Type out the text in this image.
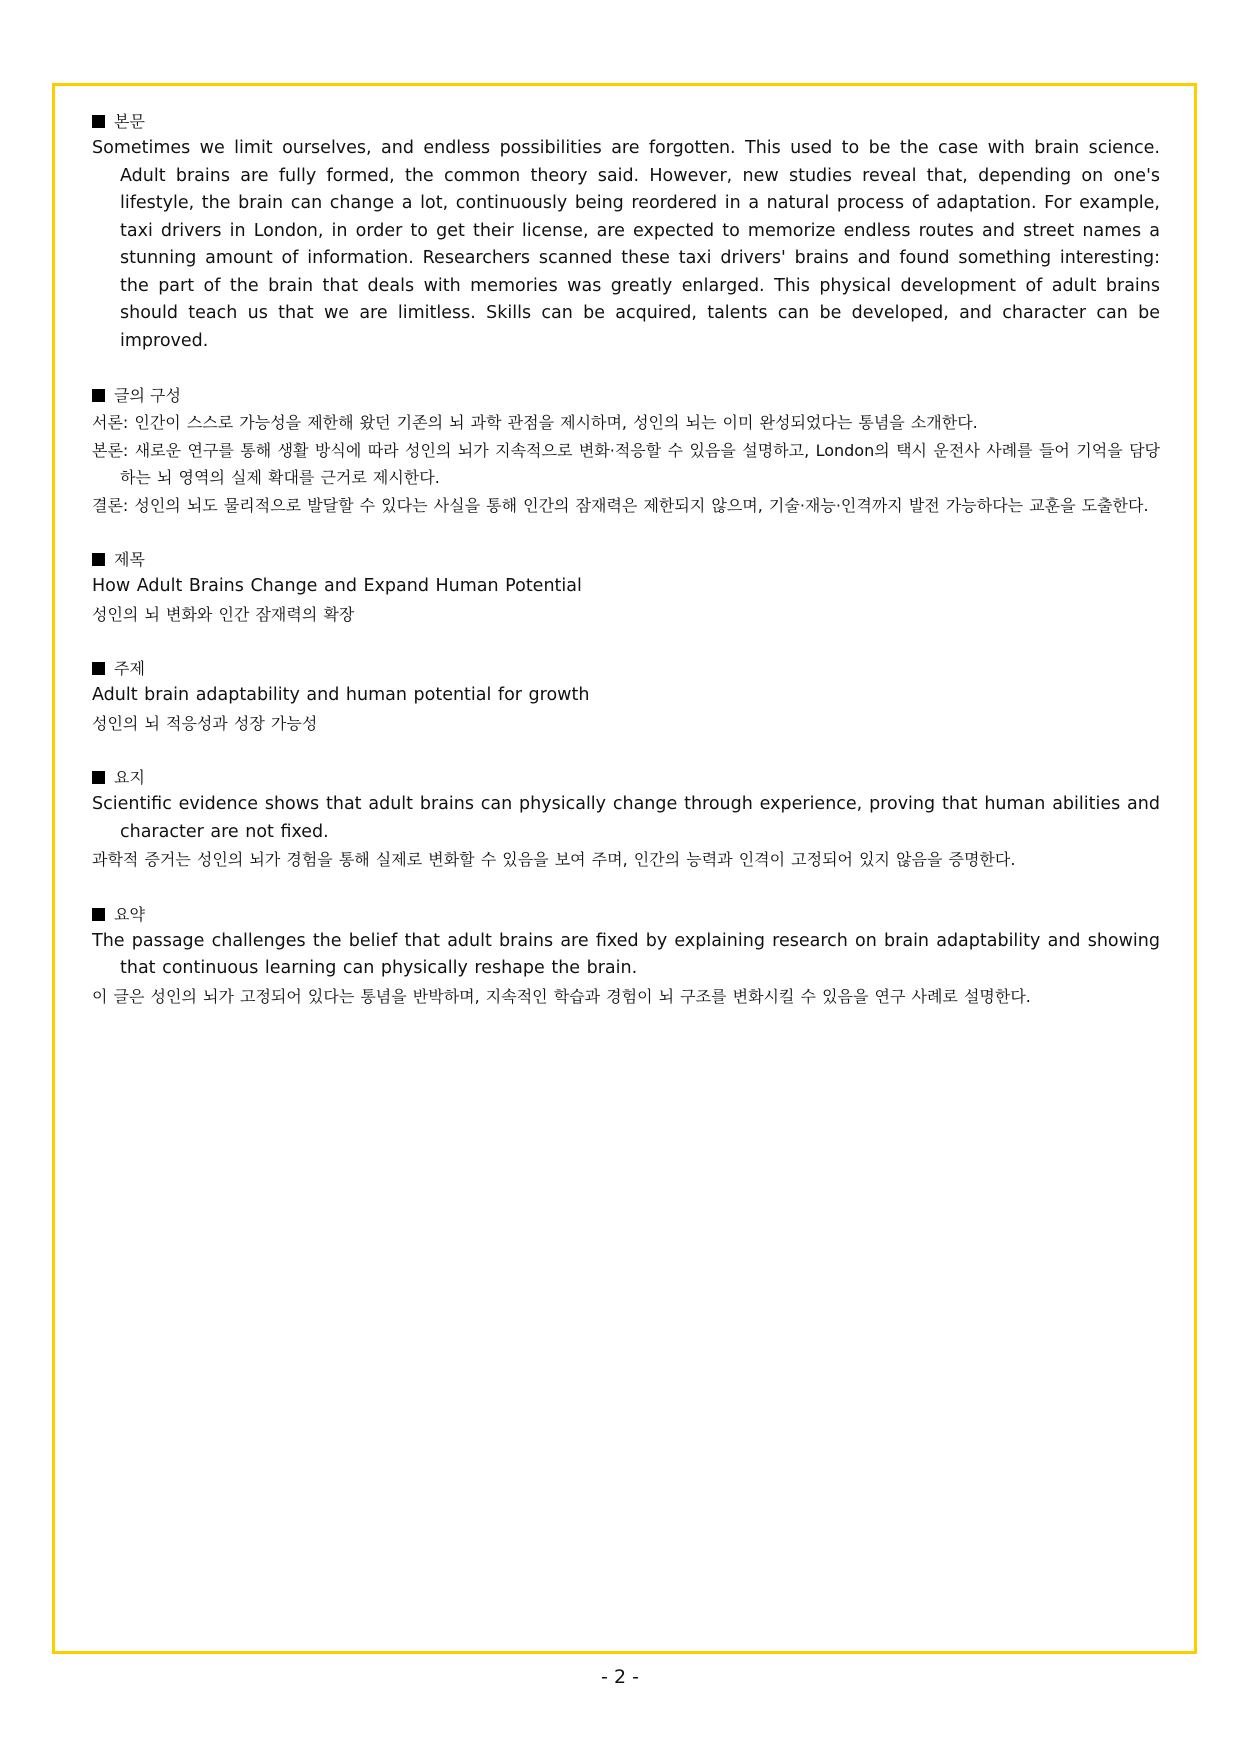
본문
Sometimes we limit ourselves, and endless possibilities are forgotten. This used to be the case with brain science. Adult brains are fully formed, the common theory said. However, new studies reveal that, depending on one's lifestyle, the brain can change a lot, continuously being reordered in a natural process of adaptation. For example, taxi drivers in London, in order to get their license, are expected to memorize endless routes and street names a stunning amount of information. Researchers scanned these taxi drivers' brains and found something interesting: the part of the brain that deals with memories was greatly enlarged. This physical development of adult brains should teach us that we are limitless. Skills can be acquired, talents can be developed, and character can be improved.
글의 구성
서론: 인간이 스스로 가능성을 제한해 왔던 기존의 뇌 과학 관점을 제시하며, 성인의 뇌는 이미 완성되었다는 통념을 소개한다.
본론: 새로운 연구를 통해 생활 방식에 따라 성인의 뇌가 지속적으로 변화·적응할 수 있음을 설명하고, London의 택시 운전사 사례를 들어 기억을 담당하는 뇌 영역의 실제 확대를 근거로 제시한다.
결론: 성인의 뇌도 물리적으로 발달할 수 있다는 사실을 통해 인간의 잠재력은 제한되지 않으며, 기술·재능·인격까지 발전 가능하다는 교훈을 도출한다.
제목
How Adult Brains Change and Expand Human Potential
성인의 뇌 변화와 인간 잠재력의 확장
주제
Adult brain adaptability and human potential for growth
성인의 뇌 적응성과 성장 가능성
요지
Scientific evidence shows that adult brains can physically change through experience, proving that human abilities and character are not fixed.
과학적 증거는 성인의 뇌가 경험을 통해 실제로 변화할 수 있음을 보여 주며, 인간의 능력과 인격이 고정되어 있지 않음을 증명한다.
요약
The passage challenges the belief that adult brains are fixed by explaining research on brain adaptability and showing that continuous learning can physically reshape the brain.
이 글은 성인의 뇌가 고정되어 있다는 통념을 반박하며, 지속적인 학습과 경험이 뇌 구조를 변화시킬 수 있음을 연구 사례로 설명한다.
- 2 -
